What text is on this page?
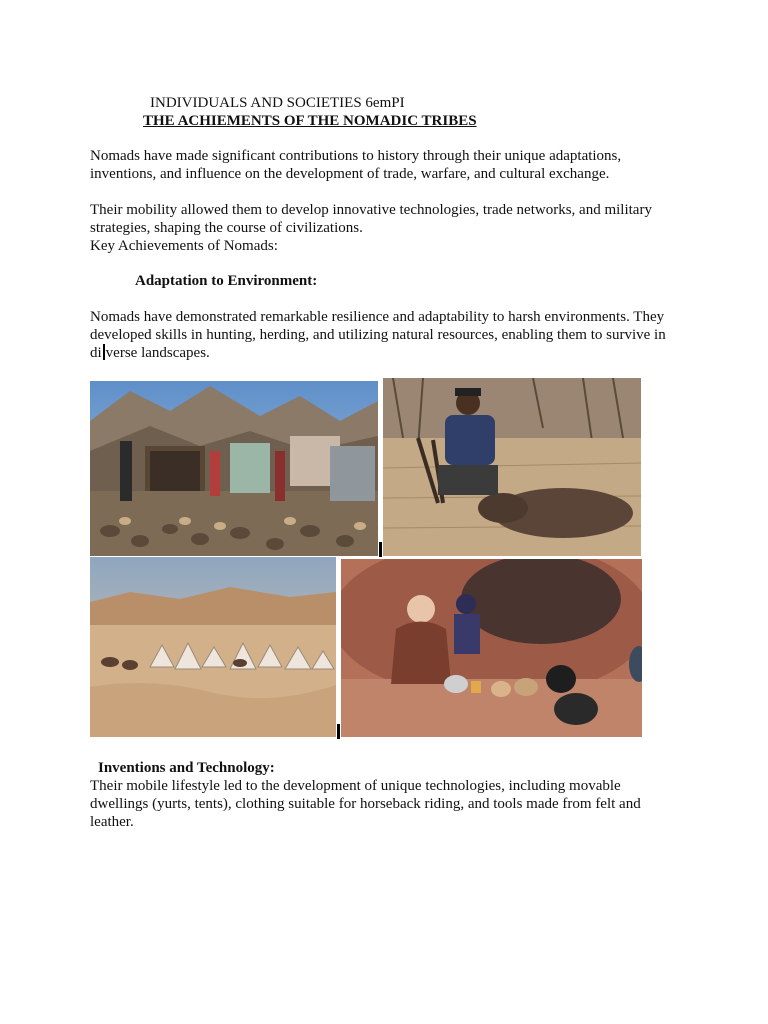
INDIVIDUALS AND SOCIETIES 6emPI

THE ACHIEMENTS OF THE NOMADIC TRIBES

Nomads have made significant contributions to history through their unique adaptations, inventions, and influence on the development of trade, warfare, and cultural exchange.

Their mobility allowed them to develop innovative technologies, trade networks, and military
strategies, shaping the course of civilizations.
Key Achievements of Nomads:

Adaptation to Environment:

Nomads have demonstrated remarkable resilience and adaptability to harsh environments. They developed skills in hunting, herding, and utilizing natural resources, enabling them to survive in di verse landscapes.

Inventions and Technology:

Their mobile lifestyle led to the development of unique technologies, including movable dwellings (yurts, tents), clothing suitable for horseback riding, and tools made from felt and leather.
